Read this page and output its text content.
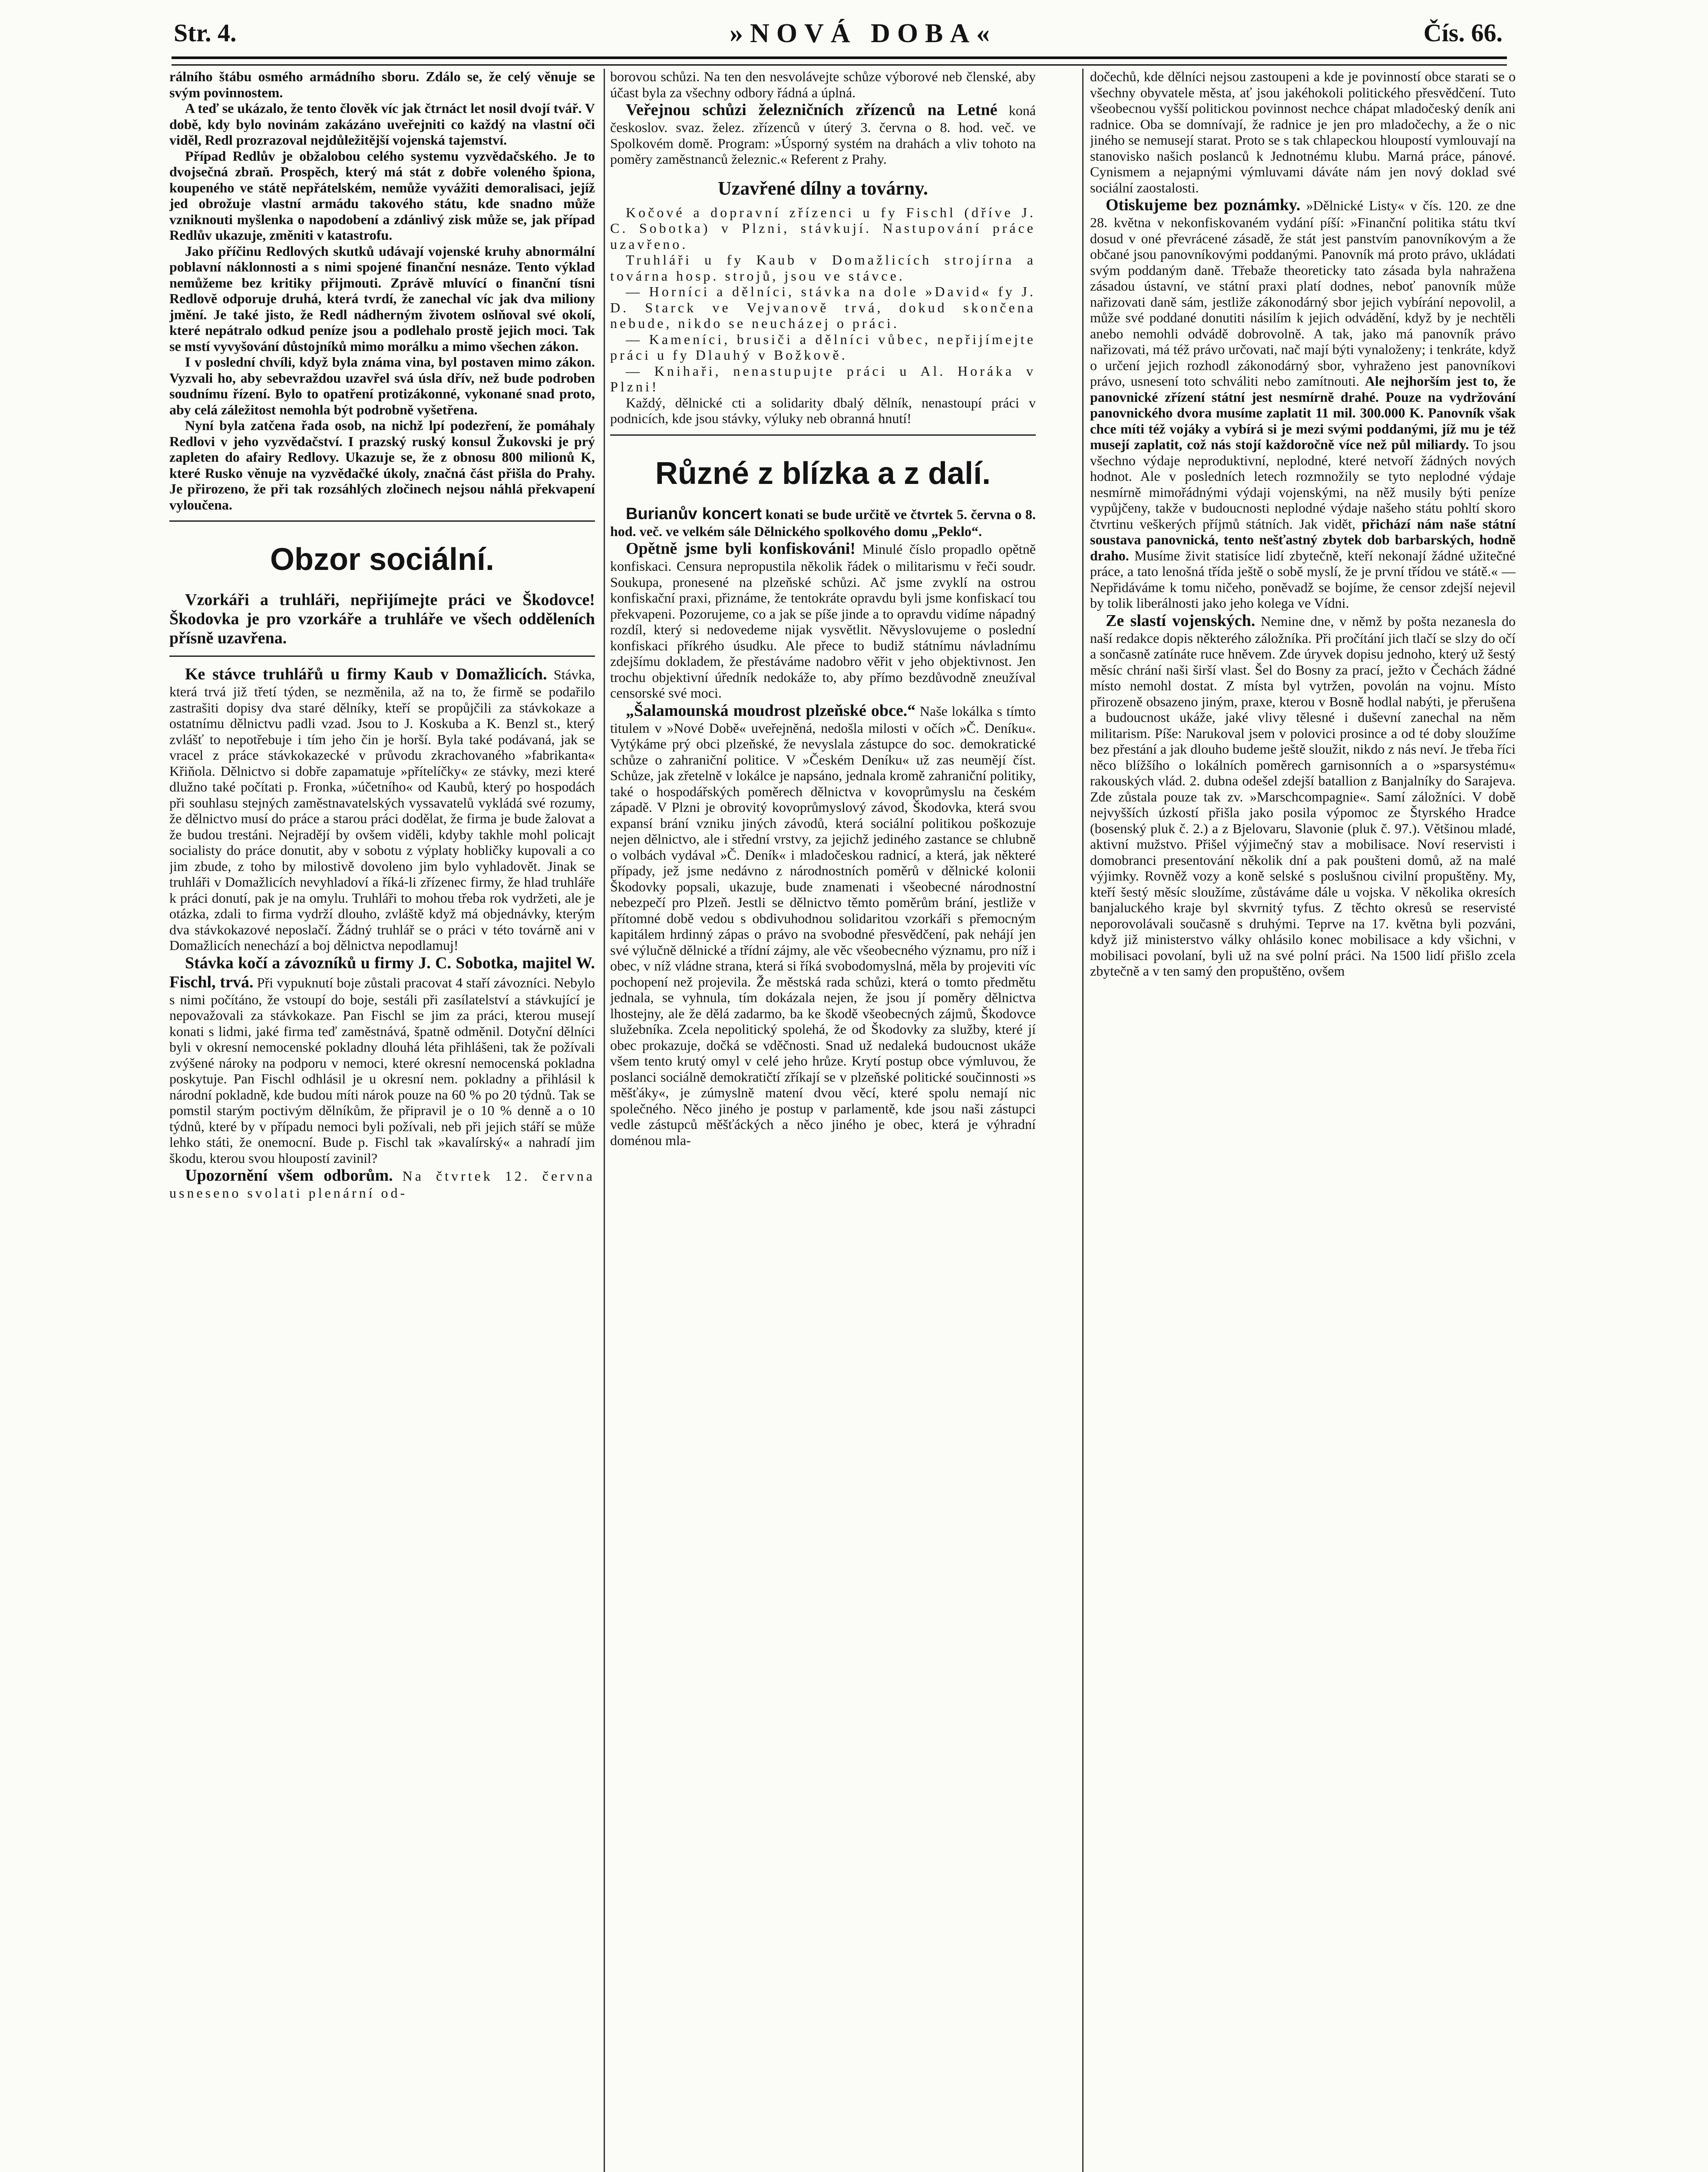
Str. 4.	»NOVÁ DOBA«	Čís. 66.

rálního štábu osmého armádního sboru. Zdálo se, že celý věnuje se svým povinnostem.

A teď se ukázalo, že tento člověk víc jak čtrnáct let nosil dvojí tvář. V době, kdy bylo novinám zakázáno uveřejniti co každý na vlastní oči viděl, Redl prozrazoval nejdůležitější vojenská tajemství.

Případ Redlův je obžalobou celého systemu vyzvědačského. Je to dvojsečná zbraň. Prospěch, který má stát z dobře voleného špiona, koupeného ve státě nepřátelském, nemůže vyvážiti demoralisaci, jejíž jed obrožuje vlastní armádu takového státu, kde snadno může vzniknouti myšlenka o napodobení a zdánlivý zisk může se, jak případ Redlův ukazuje, změniti v katastrofu.

Jako příčinu Redlových skutků udávají vojenské kruhy abnormální poblavní náklonnosti a s nimi spojené finanční nesnáze. Tento výklad nemůžeme bez kritiky přijmouti. Zprávě mluvící o finanční tísni Redlově odporuje druhá, která tvrdí, že zanechal víc jak dva miliony jmění. Je také jisto, že Redl nádherným životem oslňoval své okolí, které nepátralo odkud peníze jsou a podlehalo prostě jejich moci. Tak se mstí vyvyšování důstojníků mimo morálku a mimo všechen zákon.

I v poslední chvíli, když byla známa vina, byl postaven mimo zákon. Vyzvali ho, aby sebevraždou uzavřel svá úsla dřív, než bude podroben soudnímu řízení. Bylo to opatření protizákonné, vykonané snad proto, aby celá záležitost nemohla být podrobně vyšetřena.

Nyní byla zatčena řada osob, na nichž lpí podezření, že pomáhaly Redlovi v jeho vyzvědačství. I prazský ruský konsul Žukovski je prý zapleten do afairy Redlovy. Ukazuje se, že z obnosu 800 milionů K, které Rusko věnuje na vyzvědačké úkoly, značná část přišla do Prahy. Je přirozeno, že při tak rozsáhlých zločinech nejsou náhlá překvapení vyloučena.

Obzor sociální.

Vzorkáři a truhláři, nepřijímejte práci ve Škodovce! Škodovka je pro vzorkáře a truhláře ve všech odděleních přísně uzavřena.

Ke stávce truhlářů u firmy Kaub v Domažlicích. Stávka, která trvá již třetí týden, se nezměnila, až na to, že firmě se podařilo zastrašiti dopisy dva staré dělníky, kteří se propůjčili za stávkokaze a ostatnímu dělnictvu padli vzad. Jsou to J. Koskuba a K. Benzl st., který zvlášť to nepotřebuje i tím jeho čin je horší. Byla také podávaná, jak se vracel z práce stávkokazecké v průvodu zkrachovaného »fabrikanta« Křiňola. Dělnictvo si dobře zapamatuje »přítelíčky« ze stávky, mezi které dlužno také počítati p. Fronka, »účetního« od Kaubů, který po hospodách při souhlasu stejných zaměstnavatelských vyssavatelů vykládá své rozumy, že dělnictvo musí do práce a starou práci dodělat, že firma je bude žalovat a že budou trestáni. Nejradějí by ovšem viděli, kdyby takhle mohl policajt socialisty do práce donutit, aby v sobotu z výplaty hobličky kupovali a co jim zbude, z toho by milostivě dovoleno jim bylo vyhladovět. Jinak se truhláři v Domažlicích nevyhladoví a říká-li zřízenec firmy, že hlad truhláře k práci donutí, pak je na omylu. Truhláři to mohou třeba rok vydržeti, ale je otázka, zdali to firma vydrží dlouho, zvláště když má objednávky, kterým dva stávkokazové neposlačí. Žádný truhlář se o práci v této továrně ani v Domažlicích nenechází a boj dělnictva nepodlamuj!

Stávka kočí a závozníků u firmy J. C. Sobotka, majitel W. Fischl, trvá. Při vypuknutí boje zůstali pracovat 4 staří závozníci. Nebylo s nimi počítáno, že vstoupí do boje, sestáli při zasílatelství a stávkující je nepovažovali za stávkokaze. Pan Fischl se jim za práci, kterou musejí konati s lidmi, jaké firma teď zaměstnává, špatně odměnil. Dotyční dělníci byli v okresní nemocenské pokladny dlouhá léta přihlášeni, tak že požívali zvýšené nároky na podporu v nemoci, které okresní nemocenská pokladna poskytuje. Pan Fischl odhlásil je u okresní nem. pokladny a přihlásil k národní pokladně, kde budou míti nárok pouze na 60 % po 20 týdnů. Tak se pomstil starým poctivým dělníkům, že připravil je o 10 % denně a o 10 týdnů, které by v případu nemoci byli požívali, neb při jejich stáří se může lehko státi, že onemocní. Bude p. Fischl tak »kavalírský« a nahradí jim škodu, kterou svou hloupostí zavinil?

Upozornění všem odborům. Na čtvrtek 12. června usneseno svolati plenární od-

borovou schůzi. Na ten den nesvolávejte schůze výborové neb členské, aby účast byla za všechny odbory řádná a úplná.

Veřejnou schůzi železničních zřízenců na Letné koná českoslov. svaz. želez. zřízenců v úterý 3. června o 8. hod. več. ve Spolkovém domě. Program: »Úsporný systém na drahách a vliv tohoto na poměry zaměstnanců železnic.« Referent z Prahy.

Uzavřené dílny a továrny.

Kočové a dopravní zřízenci u fy Fischl (dříve J. C. Sobotka) v Plzni, stávkují. Nastupování práce uzavřeno.

Truhláři u fy Kaub v Domažlicích strojírna a továrna hosp. strojů, jsou ve stávce.

— Horníci a dělníci, stávka na dole »David« fy J. D. Starck ve Vejvanově trvá, dokud skončena nebude, nikdo se neucházej o práci.

— Kameníci, brusiči a dělníci vůbec, nepřijímejte práci u fy Dlauhý v Božkově.

— Knihaři, nenastupujte práci u Al. Horáka v Plzni!

Každý, dělnické cti a solidarity dbalý dělník, nenastoupí práci v podnicích, kde jsou stávky, výluky neb obranná hnutí!

Různé z blízka a z dalí.

Burianův koncert konati se bude určitě ve čtvrtek 5. června o 8. hod. več. ve velkém sále Dělnického spolkového domu „Peklo“.

Opětně jsme byli konfiskováni! Minulé číslo propadlo opětně konfiskaci. Censura nepropustila několik řádek o militarismu v řeči soudr. Soukupa, pronesené na plzeňské schůzi. Ač jsme zvyklí na ostrou konfiskační praxi, přiznáme, že tentokráte opravdu byli jsme konfiskací tou překvapeni. Pozorujeme, co a jak se píše jinde a to opravdu vidíme nápadný rozdíl, který si nedovedeme nijak vysvětlit. Něvyslovujeme o poslední konfiskaci příkrého úsudku. Ale přece to budiž státnímu návladnímu zdejšímu dokladem, že přestáváme nadobro věřit v jeho objektivnost. Jen trochu objektivní úředník nedokáže to, aby přímo bezdůvodně zneužíval censorské své moci.

„Šalamounská moudrost plzeňské obce.“ Naše lokálka s tímto titulem v »Nové Době« uveřejněná, nedošla milosti v očích »Č. Deníku«. Vytýkáme prý obci plzeňské, že nevyslala zástupce do soc. demokratické schůze o zahraniční politice. V »Českém Deníku« už zas neumějí číst. Schůze, jak zřetelně v lokálce je napsáno, jednala kromě zahraniční politiky, také o hospodářských poměrech dělnictva v kovoprůmyslu na českém západě. V Plzni je obrovitý kovoprůmyslový závod, Škodovka, která svou expansí brání vzniku jiných závodů, která sociální politikou poškozuje nejen dělnictvo, ale i střední vrstvy, za jejichž jediného zastance se chlubně o volbách vydával »Č. Deník« i mladočeskou radnicí, a která, jak některé případy, jež jsme nedávno z národnostních poměrů v dělnické kolonii Škodovky popsali, ukazuje, bude znamenati i všeobecné národnostní nebezpečí pro Plzeň. Jestli se dělnictvo těmto poměrům brání, jestliže v přítomné době vedou s obdivuhodnou solidaritou vzorkáři s přemocným kapitálem hrdinný zápas o právo na svobodné přesvědčení, pak nehájí jen své výlučně dělnické a třídní zájmy, ale věc všeobecného významu, pro níž i obec, v níž vládne strana, která si říká svobodomyslná, měla by projeviti víc pochopení než projevila. Že městská rada schůzi, která o tomto předmětu jednala, se vyhnula, tím dokázala nejen, že jsou jí poměry dělnictva lhostejny, ale že dělá zadarmo, ba ke škodě všeobecných zájmů, Škodovce služebníka. Zcela nepolitický spolehá, že od Škodovky za služby, které jí obec prokazuje, dočká se vděčnosti. Snad už nedaleká budoucnost ukáže všem tento krutý omyl v celé jeho hrůze. Krytí postup obce výmluvou, že poslanci sociálně demokratičtí zříkají se v plzeňské politické součinnosti »s měšťáky«, je zúmyslně matení dvou věcí, které spolu nemají nic společného. Něco jiného je postup v parlamentě, kde jsou naši zástupci vedle zástupců měšťáckých a něco jiného je obec, která je výhradní doménou mla-

dočechů, kde dělníci nejsou zastoupeni a kde je povinností obce starati se o všechny obyvatele města, ať jsou jakéhokoli politického přesvědčení. Tuto všeobecnou vyšší politickou povinnost nechce chápat mladočeský deník ani radnice. Oba se domnívají, že radnice je jen pro mladočechy, a že o nic jiného se nemusejí starat. Proto se s tak chlapeckou hloupostí vymlouvají na stanovisko našich poslanců k Jednotnému klubu. Marná práce, pánové. Cynismem a nejapnými výmluvami dáváte nám jen nový doklad své sociální zaostalosti.

Otiskujeme bez poznámky. »Dělnické Listy« v čís. 120. ze dne 28. května v nekonfiskovaném vydání píší: »Finanční politika státu tkví dosud v oné převrácené zásadě, že stát jest panstvím panovníkovým a že občané jsou panovníkovými poddanými. Panovník má proto právo, ukládati svým poddaným daně. Třebaže theoreticky tato zásada byla nahražena zásadou ústavní, ve státní praxi platí dodnes, neboť panovník může nařizovati daně sám, jestliže zákonodárný sbor jejich vybírání nepovolil, a může své poddané donutiti násilím k jejich odvádění, když by je nechtěli anebo nemohli odvádě dobrovolně. A tak, jako má panovník právo nařizovati, má též právo určovati, nač mají býti vynaloženy; i tenkráte, když o určení jejich rozhodl zákonodárný sbor, vyhraženo jest panovníkovi právo, usnesení toto schváliti nebo zamítnouti. Ale nejhorším jest to, že panovnické zřízení státní jest nesmírně drahé. Pouze na vydržování panovnického dvora musíme zaplatit 11 mil. 300.000 K. Panovník však chce míti též vojáky a vybírá si je mezi svými poddanými, jíž mu je též musejí zaplatit, což nás stojí každoročně více než půl miliardy. To jsou všechno výdaje neproduktivní, neplodné, které netvoří žádných nových hodnot. Ale v posledních letech rozmnožily se tyto neplodné výdaje nesmírně mimořádnými výdaji vojenskými, na něž musily býti peníze vypůjčeny, takže v budoucnosti neplodné výdaje našeho státu pohltí skoro čtvrtinu veškerých příjmů státních. Jak vidět, přichází nám naše státní soustava panovnická, tento nešťastný zbytek dob barbarských, hodně draho. Musíme živit statisíce lidí zbytečně, kteří nekonají žádné užitečné práce, a tato lenošná třída ještě o sobě myslí, že je první třídou ve státě.« — Nepřidáváme k tomu ničeho, poněvadž se bojíme, že censor zdejší nejevil by tolik liberálnosti jako jeho kolega ve Vídni.

Ze slastí vojenských. Nemine dne, v němž by pošta nezanesla do naší redakce dopis některého záložníka. Při pročítání jich tlačí se slzy do očí a sončasně zatínáte ruce hněvem. Zde úryvek dopisu jednoho, který už šestý měsíc chrání naši širší vlast. Šel do Bosny za prací, ježto v Čechách žádné místo nemohl dostat. Z místa byl vytržen, povolán na vojnu. Místo přirozeně obsazeno jiným, praxe, kterou v Bosně hodlal nabýti, je přerušena a budoucnost ukáže, jaké vlivy tělesné i duševní zanechal na něm militarism. Píše: Narukoval jsem v polovici prosince a od té doby sloužíme bez přestání a jak dlouho budeme ještě sloužit, nikdo z nás neví. Je třeba říci něco blížšího o lokálních poměrech garnisonních a o »sparsystému« rakouských vlád. 2. dubna odešel zdejší batallion z Banjalníky do Sarajeva. Zde zůstala pouze tak zv. »Marschcompagnie«. Samí záložníci. V době nejvyšších úzkostí přišla jako posila výpomoc ze Štyrského Hradce (bosenský pluk č. 2.) a z Bjelovaru, Slavonie (pluk č. 97.). Většinou mladé, aktivní mužstvo. Přišel výjimečný stav a mobilisace. Noví reservisti i domobranci presentování několik dní a pak poušteni domů, až na malé výjimky. Rovněž vozy a koně selské s poslušnou civilní propuštěny. My, kteří šestý měsíc sloužíme, zůstáváme dále u vojska. V několika okresích banjaluckého kraje byl skvrnitý tyfus. Z těchto okresů se reservisté neporovolávali současně s druhými. Teprve na 17. května byli pozváni, když již ministerstvo války ohlásilo konec mobilisace a kdy všichni, v mobilisaci povolaní, byli už na své polní práci. Na 1500 lidí přišlo zcela zbytečně a v ten samý den propuštěno, ovšem
